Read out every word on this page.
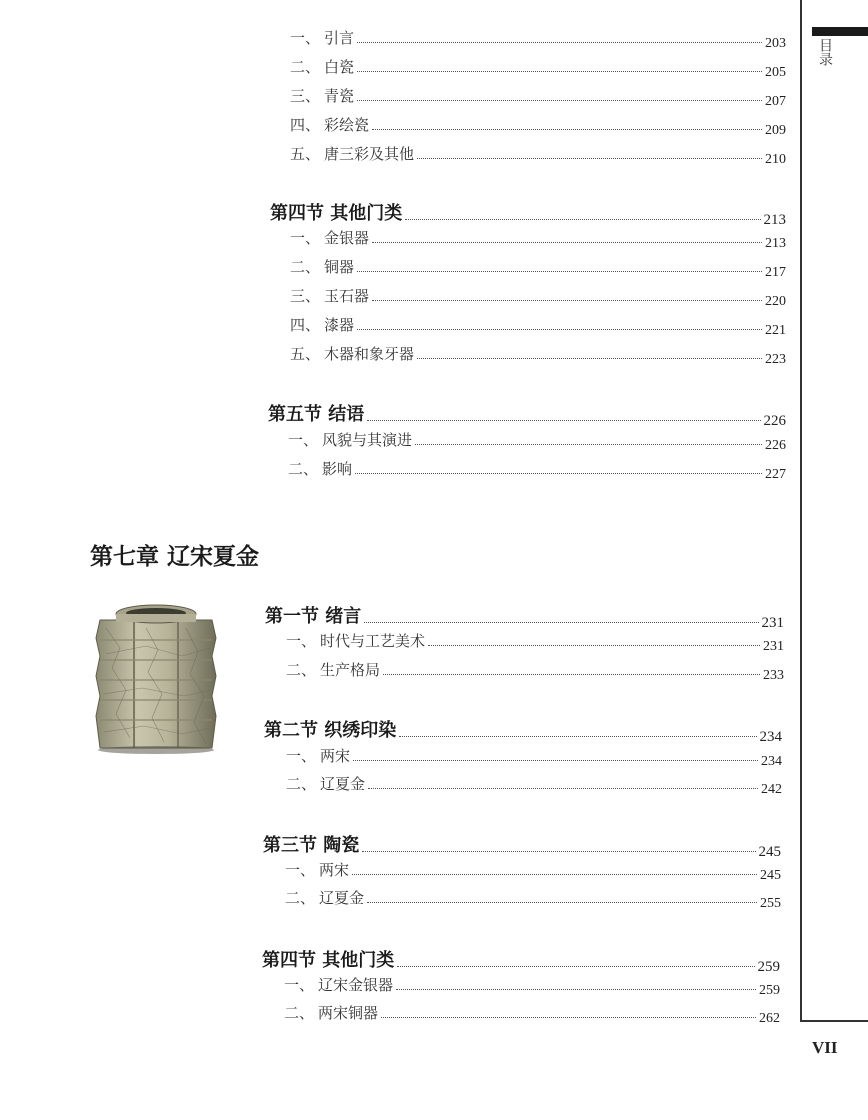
目录
VII
一、 引言	203
二、 白瓷	205
三、 青瓷	207
四、 彩绘瓷	209
五、 唐三彩及其他	210
第四节 其他门类	213
一、 金银器	213
二、 铜器	217
三、 玉石器	220
四、 漆器	221
五、 木器和象牙器	223
第五节 结语	226
一、 风貌与其演进	226
二、 影响	227
第七章 辽宋夏金
第一节 绪言	231
一、 时代与工艺美术	231
二、 生产格局	233
第二节 织绣印染	234
一、 两宋	234
二、 辽夏金	242
第三节 陶瓷	245
一、 两宋	245
二、 辽夏金	255
第四节 其他门类	259
一、 辽宋金银器	259
二、 两宋铜器	262
